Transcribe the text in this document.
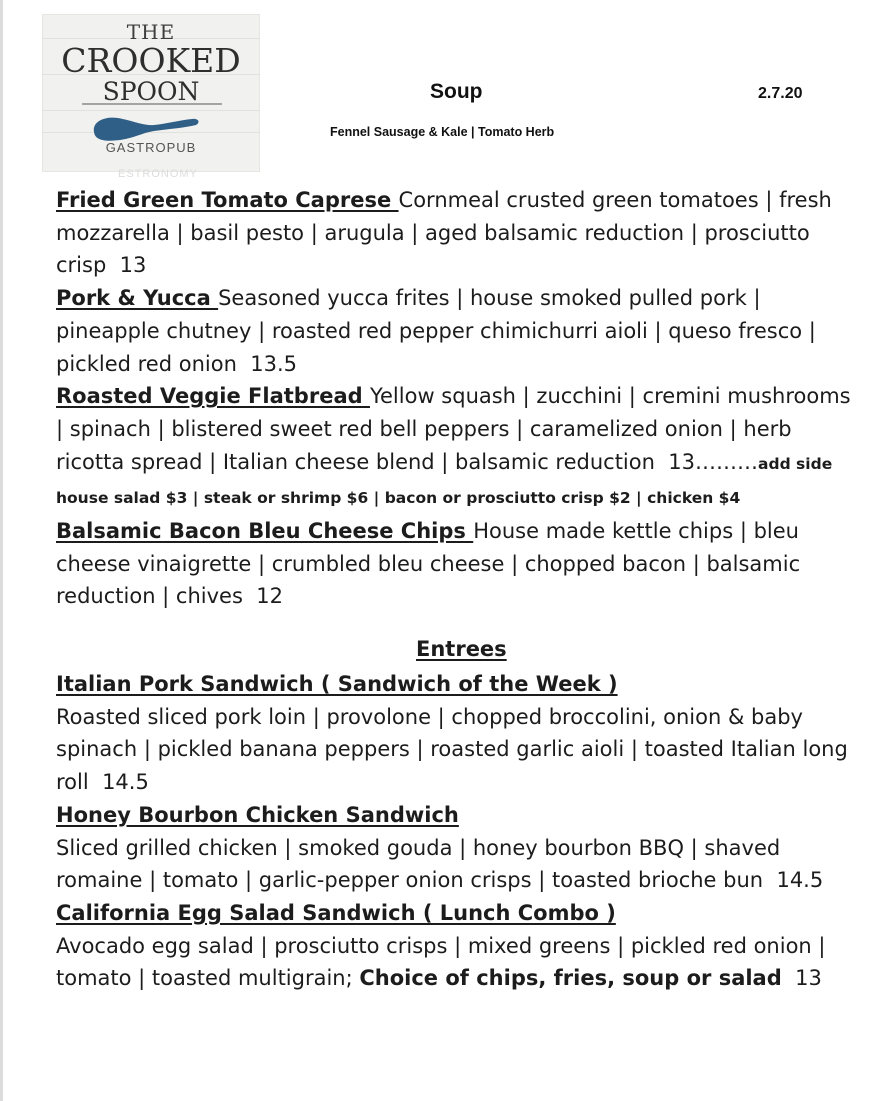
THE
CROOKED
SPOON
GASTROPUB
ESTRONOMY
Soup	2.7.20
Fennel Sausage & Kale | Tomato Herb

Fried Green Tomato Caprese Cornmeal crusted green tomatoes | fresh mozzarella | basil pesto | arugula | aged balsamic reduction | prosciutto crisp 13

Pork & Yucca Seasoned yucca frites | house smoked pulled pork | pineapple chutney | roasted red pepper chimichurri aioli | queso fresco | pickled red onion 13.5

Roasted Veggie Flatbread Yellow squash | zucchini | cremini mushrooms | spinach | blistered sweet red bell peppers | caramelized onion | herb ricotta spread | Italian cheese blend | balsamic reduction 13………add side house salad $3 | steak or shrimp $6 | bacon or prosciutto crisp $2 | chicken $4

Balsamic Bacon Bleu Cheese Chips House made kettle chips | bleu cheese vinaigrette | crumbled bleu cheese | chopped bacon | balsamic reduction | chives 12

Entrees

Italian Pork Sandwich ( Sandwich of the Week )
Roasted sliced pork loin | provolone | chopped broccolini, onion & baby spinach | pickled banana peppers | roasted garlic aioli | toasted Italian long roll 14.5

Honey Bourbon Chicken Sandwich
Sliced grilled chicken | smoked gouda | honey bourbon BBQ | shaved romaine | tomato | garlic-pepper onion crisps | toasted brioche bun 14.5

California Egg Salad Sandwich ( Lunch Combo )
Avocado egg salad | prosciutto crisps | mixed greens | pickled red onion | tomato | toasted multigrain; Choice of chips, fries, soup or salad 13
